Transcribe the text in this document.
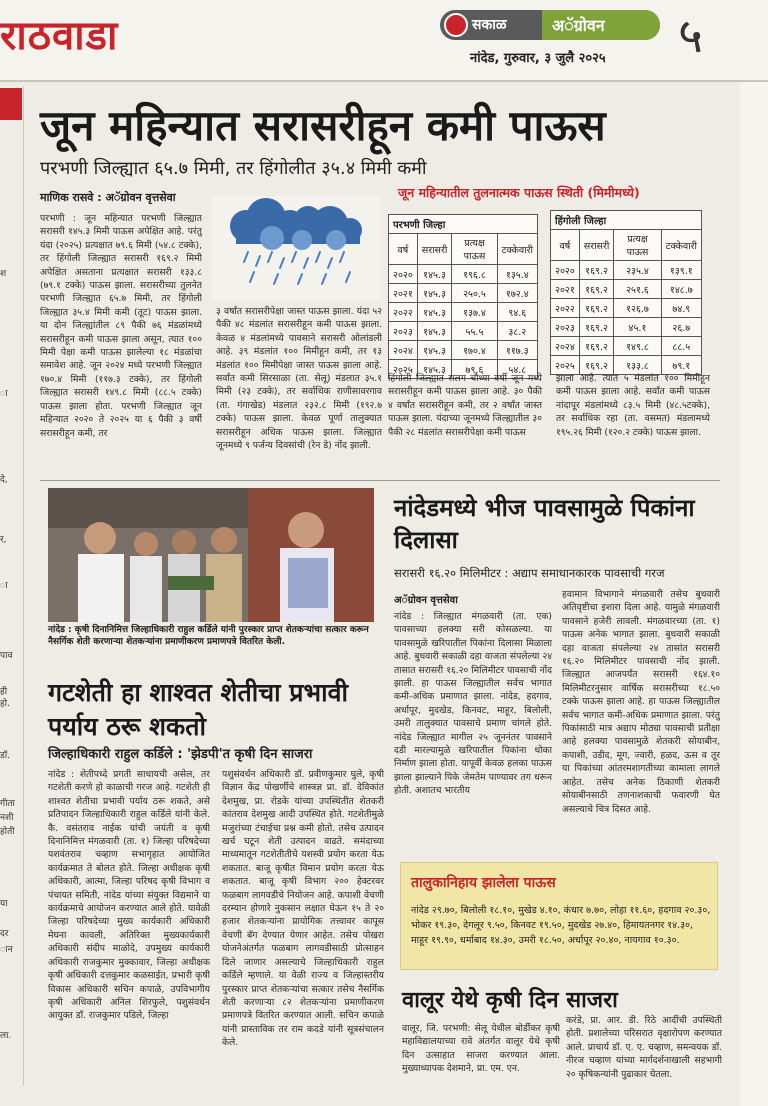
राठवाडा	सकाळ	अॅग्रोवन	५
नांदेड, गुरुवार, ३ जुलै २०२५
श
ा
दे,
र,
ा
पाव
ही
हो.
डॉ.
गीता
नशी
होती
या
दर
ान
ला.
जून महिन्यात सरासरीहून कमी पाऊस
परभणी जिल्ह्यात ६५.७ मिमी, तर हिंगोलीत ३५.४ मिमी कमी
माणिक रासवे : अॅग्रोवन वृत्तसेवा
परभणी : जून महिन्यात परभणी जिल्ह्यात सरासरी १४५.३ मिमी पाऊस अपेक्षित आहे. परंतु यंदा (२०२५) प्रत्यक्षात ७९.६ मिमी (५४.८ टक्के), तर हिंगोली जिल्ह्यात सरासरी १६९.२ मिमी अपेक्षित असताना प्रत्यक्षात सरासरी १३३.८ (७९.१ टक्के) पाऊस झाला. सरासरीच्या तुलनेत परभणी जिल्ह्यात ६५.७ मिमी, तर हिंगोली जिल्ह्यात ३५.४ मिमी कमी (तूट) पाऊस झाला. या दोन जिल्ह्यांतील ८९ पैकी ७६ मंडळांमध्ये सरासरीहून कमी पाऊस झाला असून, त्यात १०० मिमी पेक्षा कमी पाऊस झालेल्या १८ मंडळांचा समावेश आहे. जून २०२४ मध्ये परभणी जिल्ह्यात १७०.४ मिमी (११७.३ टक्के), तर हिंगोली जिल्ह्यात सरासरी १४९.८ मिमी (८८.५ टक्के) पाऊस झाला होता. परभणी जिल्ह्यात जून महिन्यात २०२० ते २०२५ या ६ पैकी ३ वर्षी सरासरीहून कमी, तर
३ वर्षांत सरासरीपेक्षा जास्त पाऊस झाला. यंदा ५२ पैकी ४८ मंडलांत सरासरीहून कमी पाऊस झाला. केवळ ४ मंडलांमध्ये पावसाने सरासरी ओलांडली आहे. ३९ मंडलांत १०० मिमीहून कमी, तर १३ मंडलांत १०० मिमीपेक्षा जास्त पाऊस झाला आहे. सर्वांत कमी सिरसाळा (ता. सेलू) मंडलात ३५.१ मिमी (२३ टक्के), तर सर्वाधिक राणीसावरगाव (ता. गंगाखेड) मंडलात २३२.८ मिमी (१९२.७ टक्के) पाऊस झाला. केवळ पूर्णा तालुक्यात सरासरीहून अधिक पाऊस झाला. जिल्ह्यात जूनमध्ये ९ पर्जन्य दिवसांची (रेन डे) नोंद झाली.
जून महिन्यातील तुलनात्मक पाऊस स्थिती (मिमीमध्ये)
परभणी जिल्हा			
वर्ष	सरासरी	प्रत्यक्ष पाऊस	टक्केवारी
२०२०	१४५.३	१९६.८	१३५.४
२०२१	१४५.३	२५०.५	१७२.४
२०२२	१४५.३	१३७.४	९४.६
२०२३	१४५.३	५५.५	३८.२
२०२४	१४५.३	१७०.४	११७.३
२०२५	१४५.३	७९.६	५४.८
हिंगोली जिल्हा			
वर्ष	सरासरी	प्रत्यक्ष पाऊस	टक्केवारी
२०२०	१६९.२	२३५.४	१३९.१
२०२१	१६९.२	२५१.६	१४८.७
२०२२	१६९.२	१२६.७	७४.९
२०२३	१६९.२	४५.१	२६.७
२०२४	१६९.२	१४९.८	८८.५
२०२५	१६९.२	१३३.८	७९.१
हिंगोली जिल्ह्यात सलग चौथ्या वर्षी जून मध्ये सरासरीहून कमी पाऊस झाला आहे. ३० पैकी ४ वर्षांत सरासरीहून कमी, तर २ वर्षांत जास्त पाऊस झाला. यंदाच्या जूनमध्ये जिल्ह्यातील ३० पैकी २८ मंडलांत सरासरीपेक्षा कमी पाऊस
झाला आहे. त्यात ५ मंडलांत १०० मिमीहून कमी पाऊस झाला आहे. सर्वांत कमी पाऊस नांदापूर मंडलांमध्ये ८३.५ मिमी (४८.५टक्के), तर सर्वाधिक रहा (ता. वसमत) मंडलामध्ये १९५.२६ मिमी (१२०.२ टक्के) पाऊस झाला.
नांदेड : कृषी दिनानिमित्त जिल्हाधिकारी राहुल कर्डिले यांनी पुरस्कार प्राप्त शेतकऱ्यांचा सत्कार करून नैसर्गिक शेती करणाऱ्या शेतकऱ्यांना प्रमाणीकरण प्रमाणपत्रे वितरित केली.
गटशेती हा शाश्वत शेतीचा प्रभावी पर्याय ठरू शकतो
जिल्हाधिकारी राहुल कर्डिले : 'झेडपी'त कृषी दिन साजरा
नांदेड : शेतीपध्दे प्रगती साधायची असेल, तर गटशेती करणे हो काळाची गरज आहे. गटशेती ही शाश्वत शेतीचा प्रभावी पर्याय ठरू शकते, असे प्रतिपादन जिल्हाधिकारी राहुल कर्डिले यांनी केले. कै. वसंतराव नाईक यांची जयंती व कृषी दिनानिमित्त मंगळवारी (ता. १) जिल्हा परिषदेच्या यशवंतराव चव्हाण सभागृहात आयोजित कार्यक्रमात ते बोलत होते. जिल्हा अधीक्षक कृषी अधिकारी, आत्मा, जिल्हा परिषद कृषी विभाग व पंचायत समिती, नांदेड यांच्या संयुक्त विद्यमाने या कार्यक्रमाचे आयोजन करण्यात आले होते. यावेळी जिल्हा परिषदेच्या मुख्य कार्यकारी अधिकारी मेघना कावली, अतिरिक्त मुख्यकार्यकारी अधिकारी संदीप माळोदे, उपमुख्य कार्यकारी अधिकारी राजकुमार मुक्कावार, जिल्हा अधीक्षक कृषी अधिकारी दत्तकुमार कळसाईत, प्रभारी कृषी विकास अधिकारी सचिन कपाळे, उपविभागीय कृषी अधिकारी अनिल शिरफुले, पशुसंवर्धन आयुक्त डॉ. राजकुमार पडिले, जिल्हा
पशुसंवर्धन अधिकारी डॉ. प्रवीणकुमार घुले, कृषी विज्ञान केंद्र पोखर्णीचे शास्त्रज्ञ प्रा. डॉ. देविकांत देशमुख, प्रा. रोडके यांच्या उपस्थितीत शेतकरी कांतराव देशमुख आदी उपस्थित होते. गटशेतीमुळे मजुरांच्या टंचाईचा प्रश्न कमी होतो. तसेच उत्पादन खर्च घटून शेती उत्पादन वाढते. समंदाच्या माध्यमातून गटशेतीतीचे यशस्वी प्रयोग करता येऊ शकतात. बाजू कृषीत विमान प्रयोग करता येऊ शकतात. बाजू कृषी विभाग २०० हेक्टरवर फळबाग लागवडीचे नियोजन आहे. कपाशी वेचणी दरम्यान होणारे नुकसान लक्षात घेऊन १५ ते २० हजार शेतकऱ्यांना प्रायोगिक तत्त्वावर कापूस वेचणी बॅग देण्यात येणार आहेत. तसेच पोखरा योजनेअंतर्गत फळबाग लागवडीसाठी प्रोत्साहन दिले जाणार असल्याचे जिल्हाधिकारी राहुल कर्डिले म्हणाले. या वेळी राज्य व जिल्हास्तरीय पुरस्कार प्राप्त शेतकऱ्यांचा सत्कार तसेच नैसर्गिक शेती करणाऱ्या ८२ शेतकऱ्यांना प्रमाणीकरण प्रमाणपत्रे वितरित करण्यात आली. सचिन कपाळे यांनी प्रास्ताविक तर राम कदडे यांनी सूत्रसंचालन केले.
नांदेडमध्ये भीज पावसामुळे पिकांना दिलासा
सरासरी १६.२० मिलिमीटर : अद्याप समाधानकारक पावसाची गरज
अॅग्रोवन वृत्तसेवा
नांदेड : जिल्ह्यात मंगळवारी (ता. एक) पावसाच्या हलक्या सरी कोसळल्या. या पावसामुळे खरिपातील पिकांना दिलासा मिळाला आहे. बुधवारी सकाळी दहा वाजता संपलेल्या २४ तासात सरासरी १६.२० मिलिमीटर पावसाची नोंद झाली. हा पाऊस जिल्ह्यातील सर्वच भागात कमी-अधिक प्रमाणात झाला. नांदेड, हदगाव, अर्धापूर, मुदखेड, किनवट, माहूर, बिलोली, उमरी तालुक्यात पावसाचे प्रमाण चांगले होते. नांदेड जिल्ह्यात मागील २५ जूननंतर पावसाने दडी मारल्यामुळे खरिपातील पिकांना धोका निर्माण झाला होता. यापूर्वी केवळ हलका पाऊस झाला झाल्याने पिके जेमतेम पाण्यावर तग धरून होती. अशातच भारतीय
हवामान विभागाने मंगळवारी तसेच बुधवारी अतिवृष्टीचा इशारा दिला आहे. यामुळे मंगळवारी पावसाने हजेरी लावली. मंगळवारच्या (ता. १) पाऊस अनेक भागात झाला. बुधवारी सकाळी दहा वाजता संपलेल्या २४ तासांत सरासरी १६.२० मिलिमीटर पावसाची नोंद झाली. जिल्ह्यात आजपर्यंत सरासरी १६४.१० मिलिमीटरनुसार वार्षिक सरासरीच्या १८.५० टक्के पाऊस झाला आहे. हा पाऊस जिल्ह्यातील सर्वच भागात कमी-अधिक प्रमाणात झाला. परंतु पिकांसाठी मात्र अद्याप मोठ्या पावसाची प्रतीक्षा आहे हलक्या पावसामुळे शेतकरी सोयाबीन, कपाशी, उडीद, मूग, ज्वारी, हळद, ऊस व तूर या पिकांच्या आंतरमशागतीच्या कामाला लागले आहेत. तसेच अनेक ठिकाणी शेतकरी सोयाबीनसाठी तणनाशकाची फवारणी घेत असल्याचे चित्र दिसत आहे.
तालुकानिहाय झालेला पाऊस
नांदेड २९.७०, बिलोली १८.१०, मुखेड ४.१०, कंधार ७.७०, लोहा ११.६०, हदगाव २०.३०, भोकर १९.३०, देगलूर ९.५०, किनवट १९.५०, मुदखेड २७.४०, हिमायतनगर १४.३०, माहूर १९.९०, धर्माबाद १४.३०, उमरी १८.५०, अर्धापूर २०.४०, नायगाव १०.३०.
वालूर येथे कृषी दिन साजरा
वालूर, जि. परभणी: सेलू येथील बोर्डीकर कृषी महाविद्यालयाच्या रावे अंतर्गत वालूर येथे कृषी दिन उत्साहात साजरा करण्यात आला. मुख्याध्यापक देशमाने, प्रा. एम. एन.
करंडे, प्रा. आर. डी. रिठे आदींची उपस्थिती होती. प्रशालेच्या परिसरात वृक्षारोपण करण्यात आले. प्राचार्य डॉ. ए. ए. चव्हाण, समन्वयक डॉ. नीरज चव्हाण यांच्या मार्गदर्शनाखाली सहभागी २० कृषिकन्यांनी पुढाकार घेतला.
